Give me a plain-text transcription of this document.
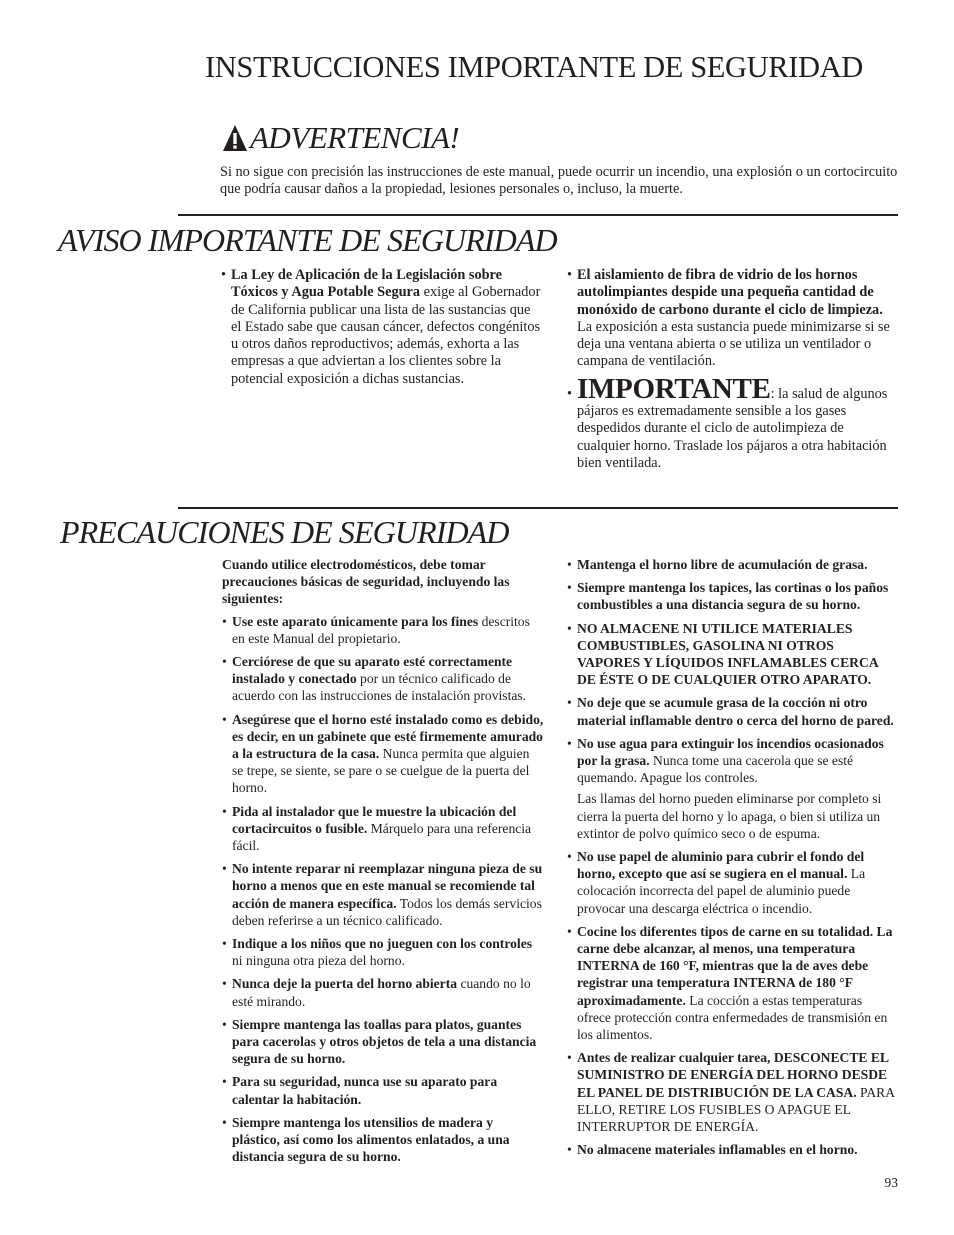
INSTRUCCIONES IMPORTANTE DE SEGURIDAD
ADVERTENCIA!
Si no sigue con precisión las instrucciones de este manual, puede ocurrir un incendio, una explosión o un cortocircuito que podría causar daños a la propiedad, lesiones personales o, incluso, la muerte.
AVISO IMPORTANTE DE SEGURIDAD
• La Ley de Aplicación de la Legislación sobre Tóxicos y Agua Potable Segura exige al Gobernador de California publicar una lista de las sustancias que el Estado sabe que causan cáncer, defectos congénitos u otros daños reproductivos; además, exhorta a las empresas a que adviertan a los clientes sobre la potencial exposición a dichas sustancias.
• El aislamiento de fibra de vidrio de los hornos autolimpiantes despide una pequeña cantidad de monóxido de carbono durante el ciclo de limpieza. La exposición a esta sustancia puede minimizarse si se deja una ventana abierta o se utiliza un ventilador o campana de ventilación.
• IMPORTANTE: la salud de algunos pájaros es extremadamente sensible a los gases despedidos durante el ciclo de autolimpieza de cualquier horno. Traslade los pájaros a otra habitación bien ventilada.
PRECAUCIONES DE SEGURIDAD
Cuando utilice electrodomésticos, debe tomar precauciones básicas de seguridad, incluyendo las siguientes:
• Use este aparato únicamente para los fines descritos en este Manual del propietario.
• Cerciórese de que su aparato esté correctamente instalado y conectado por un técnico calificado de acuerdo con las instrucciones de instalación provistas.
• Asegúrese que el horno esté instalado como es debido, es decir, en un gabinete que esté firmemente amurado a la estructura de la casa. Nunca permita que alguien se trepe, se siente, se pare o se cuelgue de la puerta del horno.
• Pida al instalador que le muestre la ubicación del cortacircuitos o fusible. Márquelo para una referencia fácil.
• No intente reparar ni reemplazar ninguna pieza de su horno a menos que en este manual se recomiende tal acción de manera específica. Todos los demás servicios deben referirse a un técnico calificado.
• Indique a los niños que no jueguen con los controles ni ninguna otra pieza del horno.
• Nunca deje la puerta del horno abierta cuando no lo esté mirando.
• Siempre mantenga las toallas para platos, guantes para cacerolas y otros objetos de tela a una distancia segura de su horno.
• Para su seguridad, nunca use su aparato para calentar la habitación.
• Siempre mantenga los utensilios de madera y plástico, así como los alimentos enlatados, a una distancia segura de su horno.
• Mantenga el horno libre de acumulación de grasa.
• Siempre mantenga los tapices, las cortinas o los paños combustibles a una distancia segura de su horno.
• NO ALMACENE NI UTILICE MATERIALES COMBUSTIBLES, GASOLINA NI OTROS VAPORES Y LÍQUIDOS INFLAMABLES CERCA DE ÉSTE O DE CUALQUIER OTRO APARATO.
• No deje que se acumule grasa de la cocción ni otro material inflamable dentro o cerca del horno de pared.
• No use agua para extinguir los incendios ocasionados por la grasa. Nunca tome una cacerola que se esté quemando. Apague los controles.
Las llamas del horno pueden eliminarse por completo si cierra la puerta del horno y lo apaga, o bien si utiliza un extintor de polvo químico seco o de espuma.
• No use papel de aluminio para cubrir el fondo del horno, excepto que así se sugiera en el manual. La colocación incorrecta del papel de aluminio puede provocar una descarga eléctrica o incendio.
• Cocine los diferentes tipos de carne en su totalidad. La carne debe alcanzar, al menos, una temperatura INTERNA de 160 °F, mientras que la de aves debe registrar una temperatura INTERNA de 180 °F aproximadamente. La cocción a estas temperaturas ofrece protección contra enfermedades de transmisión en los alimentos.
• Antes de realizar cualquier tarea, DESCONECTE EL SUMINISTRO DE ENERGÍA DEL HORNO DESDE EL PANEL DE DISTRIBUCIÓN DE LA CASA. PARA ELLO, RETIRE LOS FUSIBLES O APAGUE EL INTERRUPTOR DE ENERGÍA.
• No almacene materiales inflamables en el horno.
93
